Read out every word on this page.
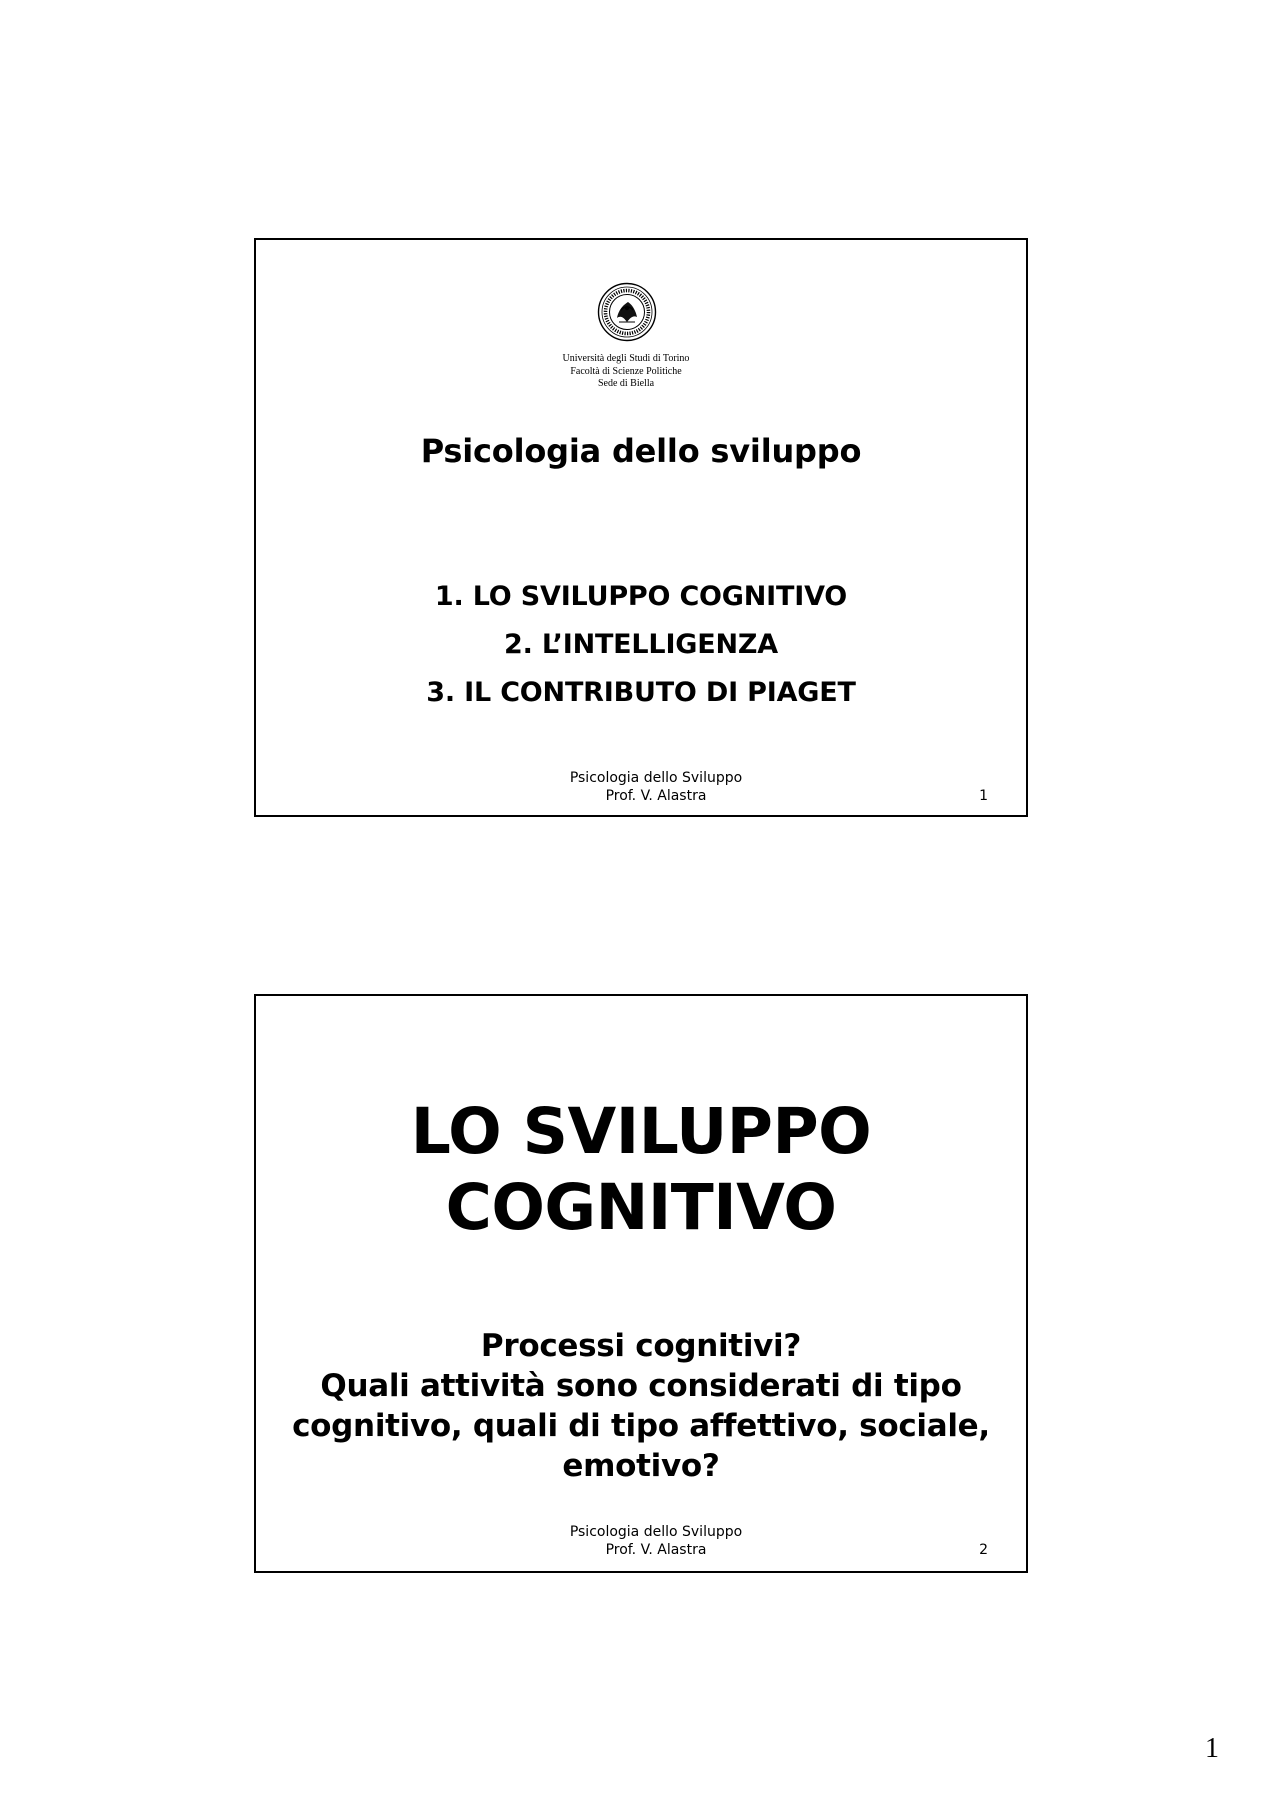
Università degli Studi di Torino
Facoltà di Scienze Politiche
Sede di Biella
Psicologia dello sviluppo
1. LO SVILUPPO COGNITIVO
2. L’INTELLIGENZA
3. IL CONTRIBUTO DI PIAGET
Psicologia dello Sviluppo
Prof. V. Alastra	1
LO SVILUPPO
COGNITIVO
Processi cognitivi?
Quali attività sono considerati di tipo
cognitivo, quali di tipo affettivo, sociale,
emotivo?
Psicologia dello Sviluppo
Prof. V. Alastra	2
1
